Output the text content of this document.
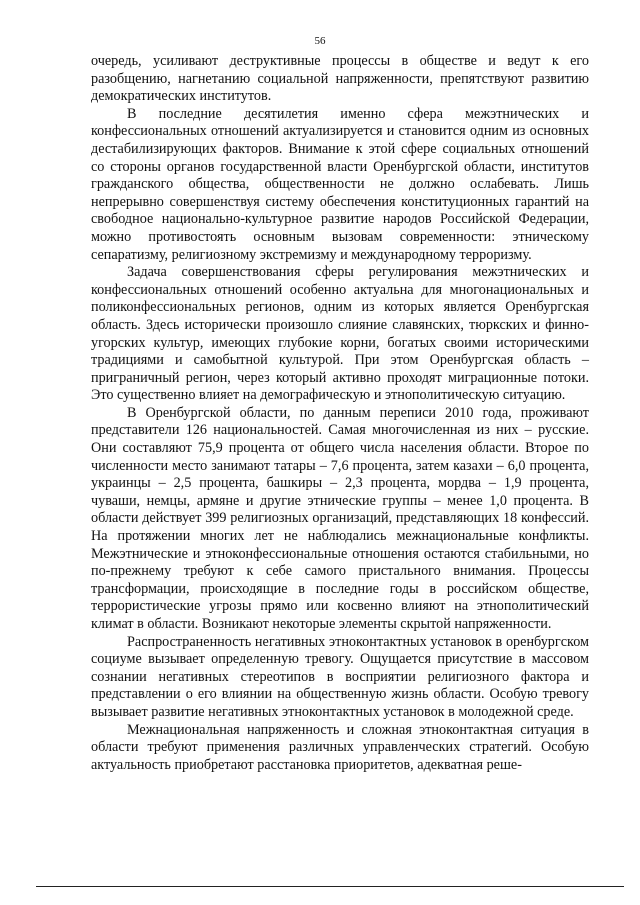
56

очередь, усиливают деструктивные процессы в обществе и ведут к его разобщению, нагнетанию социальной напряженности, препятствуют развитию демократических институтов.

В последние десятилетия именно сфера межэтнических и конфессиональных отношений актуализируется и становится одним из основных дестабилизирующих факторов. Внимание к этой сфере социальных отношений со стороны органов государственной власти Оренбургской области, институтов гражданского общества, общественности не должно ослабевать. Лишь непрерывно совершенствуя систему обеспечения конституционных гарантий на свободное национально-культурное развитие народов Российской Федерации, можно противостоять основным вызовам современности: этническому сепаратизму, религиозному экстремизму и международному терроризму.

Задача совершенствования сферы регулирования межэтнических и конфессиональных отношений особенно актуальна для многонациональных и поликонфессиональных регионов, одним из которых является Оренбургская область. Здесь исторически произошло слияние славянских, тюркских и финно-угорских культур, имеющих глубокие корни, богатых своими историческими традициями и самобытной культурой. При этом Оренбургская область – приграничный регион, через который активно проходят миграционные потоки. Это существенно влияет на демографическую и этнополитическую ситуацию.

В Оренбургской области, по данным переписи 2010 года, проживают представители 126 национальностей. Самая многочисленная из них – русские. Они составляют 75,9 процента от общего числа населения области. Второе по численности место занимают татары – 7,6 процента, затем казахи – 6,0 процента, украинцы – 2,5 процента, башкиры – 2,3 процента, мордва – 1,9 процента, чуваши, немцы, армяне и другие этнические группы – менее 1,0 процента. В области действует 399 религиозных организаций, представляющих 18 конфессий. На протяжении многих лет не наблюдались межнациональные конфликты. Межэтнические и этноконфессиональные отношения остаются стабильными, но по-прежнему требуют к себе самого пристального внимания. Процессы трансформации, происходящие в последние годы в российском обществе, террористические угрозы прямо или косвенно влияют на этнополитический климат в области. Возникают некоторые элементы скрытой напряженности.

Распространенность негативных этноконтактных установок в оренбургском социуме вызывает определенную тревогу. Ощущается присутствие в массовом сознании негативных стереотипов в восприятии религиозного фактора и представлении о его влиянии на общественную жизнь области. Особую тревогу вызывает развитие негативных этноконтактных установок в молодежной среде.

Межнациональная напряженность и сложная этноконтактная ситуация в области требуют применения различных управленческих стратегий. Особую актуальность приобретают расстановка приоритетов, адекватная реше-
